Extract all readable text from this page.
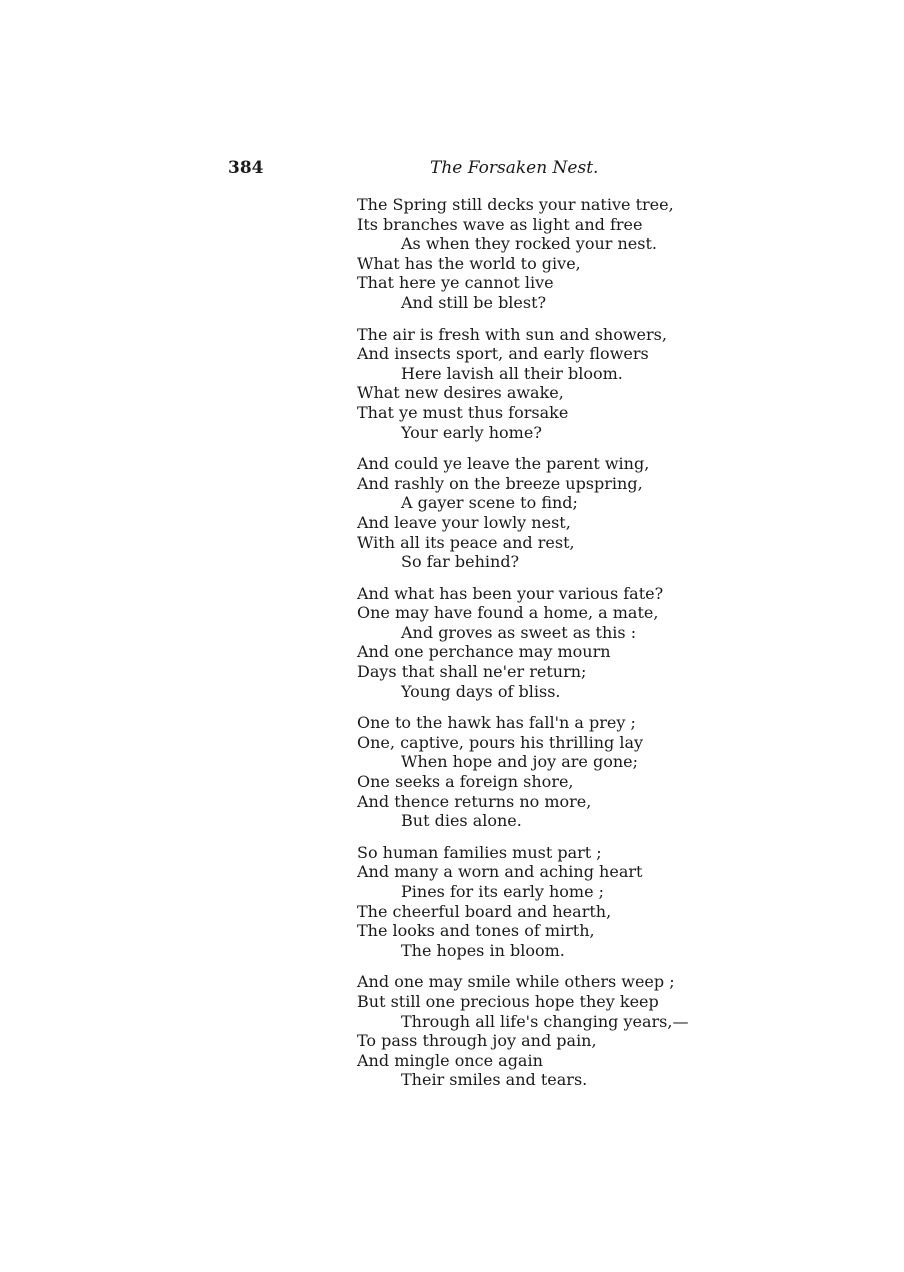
384	The Forsaken Nest.
The Spring still decks your native tree,
Its branches wave as light and free
As when they rocked your nest.
What has the world to give,
That here ye cannot live
And still be blest?
The air is fresh with sun and showers,
And insects sport, and early flowers
Here lavish all their bloom.
What new desires awake,
That ye must thus forsake
Your early home?
And could ye leave the parent wing,
And rashly on the breeze upspring,
A gayer scene to find;
And leave your lowly nest,
With all its peace and rest,
So far behind?
And what has been your various fate?
One may have found a home, a mate,
And groves as sweet as this :
And one perchance may mourn
Days that shall ne'er return;
Young days of bliss.
One to the hawk has fall'n a prey ;
One, captive, pours his thrilling lay
When hope and joy are gone;
One seeks a foreign shore,
And thence returns no more,
But dies alone.
So human families must part ;
And many a worn and aching heart
Pines for its early home ;
The cheerful board and hearth,
The looks and tones of mirth,
The hopes in bloom.
And one may smile while others weep ;
But still one precious hope they keep
Through all life's changing years,—
To pass through joy and pain,
And mingle once again
Their smiles and tears.
